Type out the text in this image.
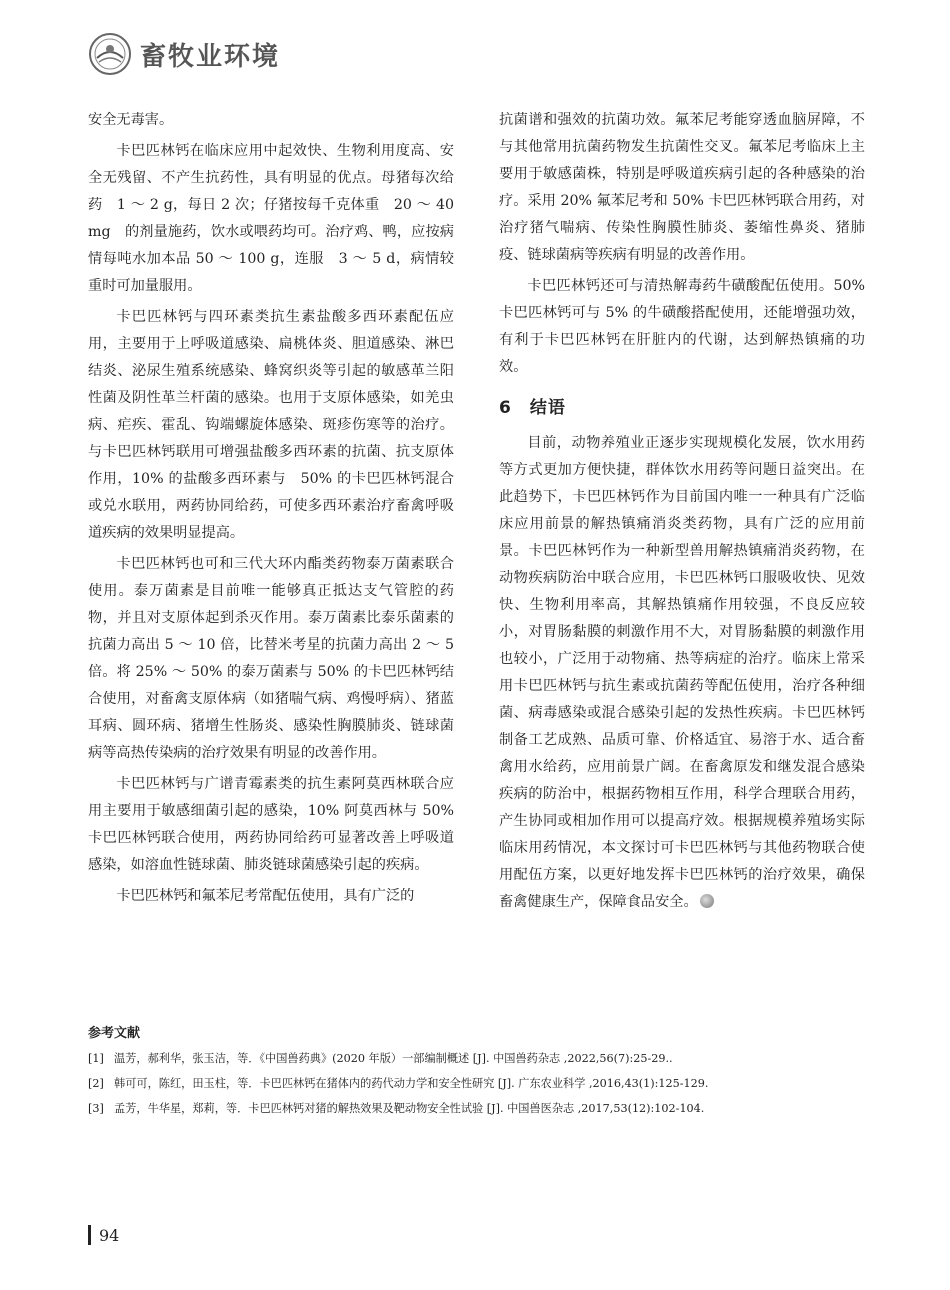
畜牧业环境

安全无毒害。

卡巴匹林钙在临床应用中起效快、生物利用度高、安全无残留、不产生抗药性，具有明显的优点。母猪每次给药　1 ～ 2 g，每日 2 次；仔猪按每千克体重　20 ～ 40 mg　的剂量施药，饮水或喂药均可。治疗鸡、鸭，应按病情每吨水加本品 50 ～ 100 g，连服　3 ～ 5 d，病情较重时可加量服用。

卡巴匹林钙与四环素类抗生素盐酸多西环素配伍应用，主要用于上呼吸道感染、扁桃体炎、胆道感染、淋巴结炎、泌尿生殖系统感染、蜂窝织炎等引起的敏感革兰阳性菌及阴性革兰杆菌的感染。也用于支原体感染，如羌虫病、疟疾、霍乱、钩端螺旋体感染、斑疹伤寒等的治疗。与卡巴匹林钙联用可增强盐酸多西环素的抗菌、抗支原体作用，10% 的盐酸多西环素与　50% 的卡巴匹林钙混合或兑水联用，两药协同给药，可使多西环素治疗畜禽呼吸道疾病的效果明显提高。

卡巴匹林钙也可和三代大环内酯类药物泰万菌素联合使用。泰万菌素是目前唯一能够真正抵达支气管腔的药物，并且对支原体起到杀灭作用。泰万菌素比泰乐菌素的抗菌力高出 5 ～ 10 倍，比替米考星的抗菌力高出 2 ～ 5 倍。将 25% ～ 50% 的泰万菌素与 50% 的卡巴匹林钙结合使用，对畜禽支原体病（如猪喘气病、鸡慢呼病）、猪蓝耳病、圆环病、猪增生性肠炎、感染性胸膜肺炎、链球菌病等高热传染病的治疗效果有明显的改善作用。

卡巴匹林钙与广谱青霉素类的抗生素阿莫西林联合应用主要用于敏感细菌引起的感染，10% 阿莫西林与 50% 卡巴匹林钙联合使用，两药协同给药可显著改善上呼吸道感染，如溶血性链球菌、肺炎链球菌感染引起的疾病。

卡巴匹林钙和氟苯尼考常配伍使用，具有广泛的

抗菌谱和强效的抗菌功效。氟苯尼考能穿透血脑屏障，不与其他常用抗菌药物发生抗菌性交叉。氟苯尼考临床上主要用于敏感菌株，特别是呼吸道疾病引起的各种感染的治疗。采用 20% 氟苯尼考和 50% 卡巴匹林钙联合用药，对治疗猪气喘病、传染性胸膜性肺炎、萎缩性鼻炎、猪肺疫、链球菌病等疾病有明显的改善作用。

卡巴匹林钙还可与清热解毒药牛磺酸配伍使用。50% 卡巴匹林钙可与 5% 的牛磺酸搭配使用，还能增强功效，有利于卡巴匹林钙在肝脏内的代谢，达到解热镇痛的功效。

6　结语

目前，动物养殖业正逐步实现规模化发展，饮水用药等方式更加方便快捷，群体饮水用药等问题日益突出。在此趋势下，卡巴匹林钙作为目前国内唯一一种具有广泛临床应用前景的解热镇痛消炎类药物，具有广泛的应用前景。卡巴匹林钙作为一种新型兽用解热镇痛消炎药物，在动物疾病防治中联合应用，卡巴匹林钙口服吸收快、见效快、生物利用率高，其解热镇痛作用较强，不良反应较小，对胃肠黏膜的刺激作用不大，对胃肠黏膜的刺激作用也较小，广泛用于动物痛、热等病症的治疗。临床上常采用卡巴匹林钙与抗生素或抗菌药等配伍使用，治疗各种细菌、病毒感染或混合感染引起的发热性疾病。卡巴匹林钙制备工艺成熟、品质可靠、价格适宜、易溶于水、适合畜禽用水给药，应用前景广阔。在畜禽原发和继发混合感染疾病的防治中，根据药物相互作用，科学合理联合用药，产生协同或相加作用可以提高疗效。根据规模养殖场实际临床用药情况，本文探讨可卡巴匹林钙与其他药物联合使用配伍方案，以更好地发挥卡巴匹林钙的治疗效果，确保畜禽健康生产，保障食品安全。

参考文献
[1] 温芳，郝利华，张玉洁，等．《中国兽药典》(2020 年版）一部编制概述 [J]. 中国兽药杂志 ,2022,56(7):25-29..
[2] 韩可可，陈红，田玉柱，等．卡巴匹林钙在猪体内的药代动力学和安全性研究 [J]. 广东农业科学 ,2016,43(1):125-129.
[3] 孟芳，牛华星，郑莉，等．卡巴匹林钙对猪的解热效果及靶动物安全性试验 [J]. 中国兽医杂志 ,2017,53(12):102-104.
94
